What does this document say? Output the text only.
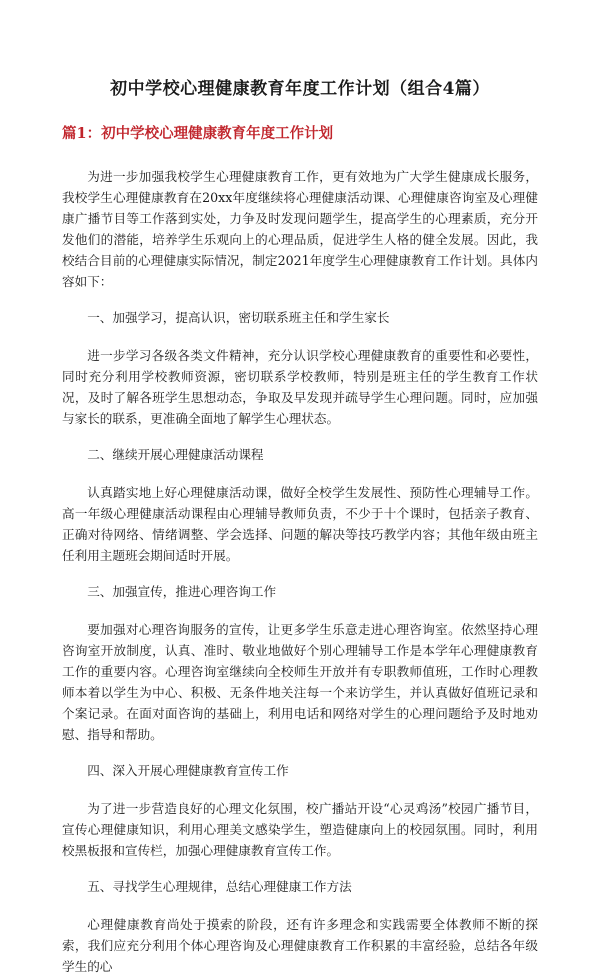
初中学校心理健康教育年度工作计划（组合4篇）
篇1：初中学校心理健康教育年度工作计划

为进一步加强我校学生心理健康教育工作，更有效地为广大学生健康成长服务，我校学生心理健康教育在20xx年度继续将心理健康活动课、心理健康咨询室及心理健康广播节目等工作落到实处，力争及时发现问题学生，提高学生的心理素质，充分开发他们的潜能，培养学生乐观向上的心理品质，促进学生人格的健全发展。因此，我校结合目前的心理健康实际情况，制定2021年度学生心理健康教育工作计划。具体内容如下：

一、加强学习，提高认识，密切联系班主任和学生家长

进一步学习各级各类文件精神，充分认识学校心理健康教育的重要性和必要性，同时充分利用学校教师资源，密切联系学校教师，特别是班主任的学生教育工作状况，及时了解各班学生思想动态，争取及早发现并疏导学生心理问题。同时，应加强与家长的联系，更准确全面地了解学生心理状态。

二、继续开展心理健康活动课程

认真踏实地上好心理健康活动课，做好全校学生发展性、预防性心理辅导工作。高一年级心理健康活动课程由心理辅导教师负责，不少于十个课时，包括亲子教育、正确对待网络、情绪调整、学会选择、问题的解决等技巧教学内容；其他年级由班主任利用主题班会期间适时开展。

三、加强宣传，推进心理咨询工作

要加强对心理咨询服务的宣传，让更多学生乐意走进心理咨询室。依然坚持心理咨询室开放制度，认真、准时、敬业地做好个别心理辅导工作是本学年心理健康教育工作的重要内容。心理咨询室继续向全校师生开放并有专职教师值班，工作时心理教师本着以学生为中心、积极、无条件地关注每一个来访学生，并认真做好值班记录和个案记录。在面对面咨询的基础上，利用电话和网络对学生的心理问题给予及时地劝慰、指导和帮助。

四、深入开展心理健康教育宣传工作

为了进一步营造良好的心理文化氛围，校广播站开设“心灵鸡汤”校园广播节目，宣传心理健康知识，利用心理美文感染学生，塑造健康向上的校园氛围。同时，利用校黑板报和宣传栏，加强心理健康教育宣传工作。

五、寻找学生心理规律，总结心理健康工作方法

心理健康教育尚处于摸索的阶段，还有许多理念和实践需要全体教师不断的探索，我们应充分利用个体心理咨询及心理健康教育工作积累的丰富经验，总结各年级学生的心
